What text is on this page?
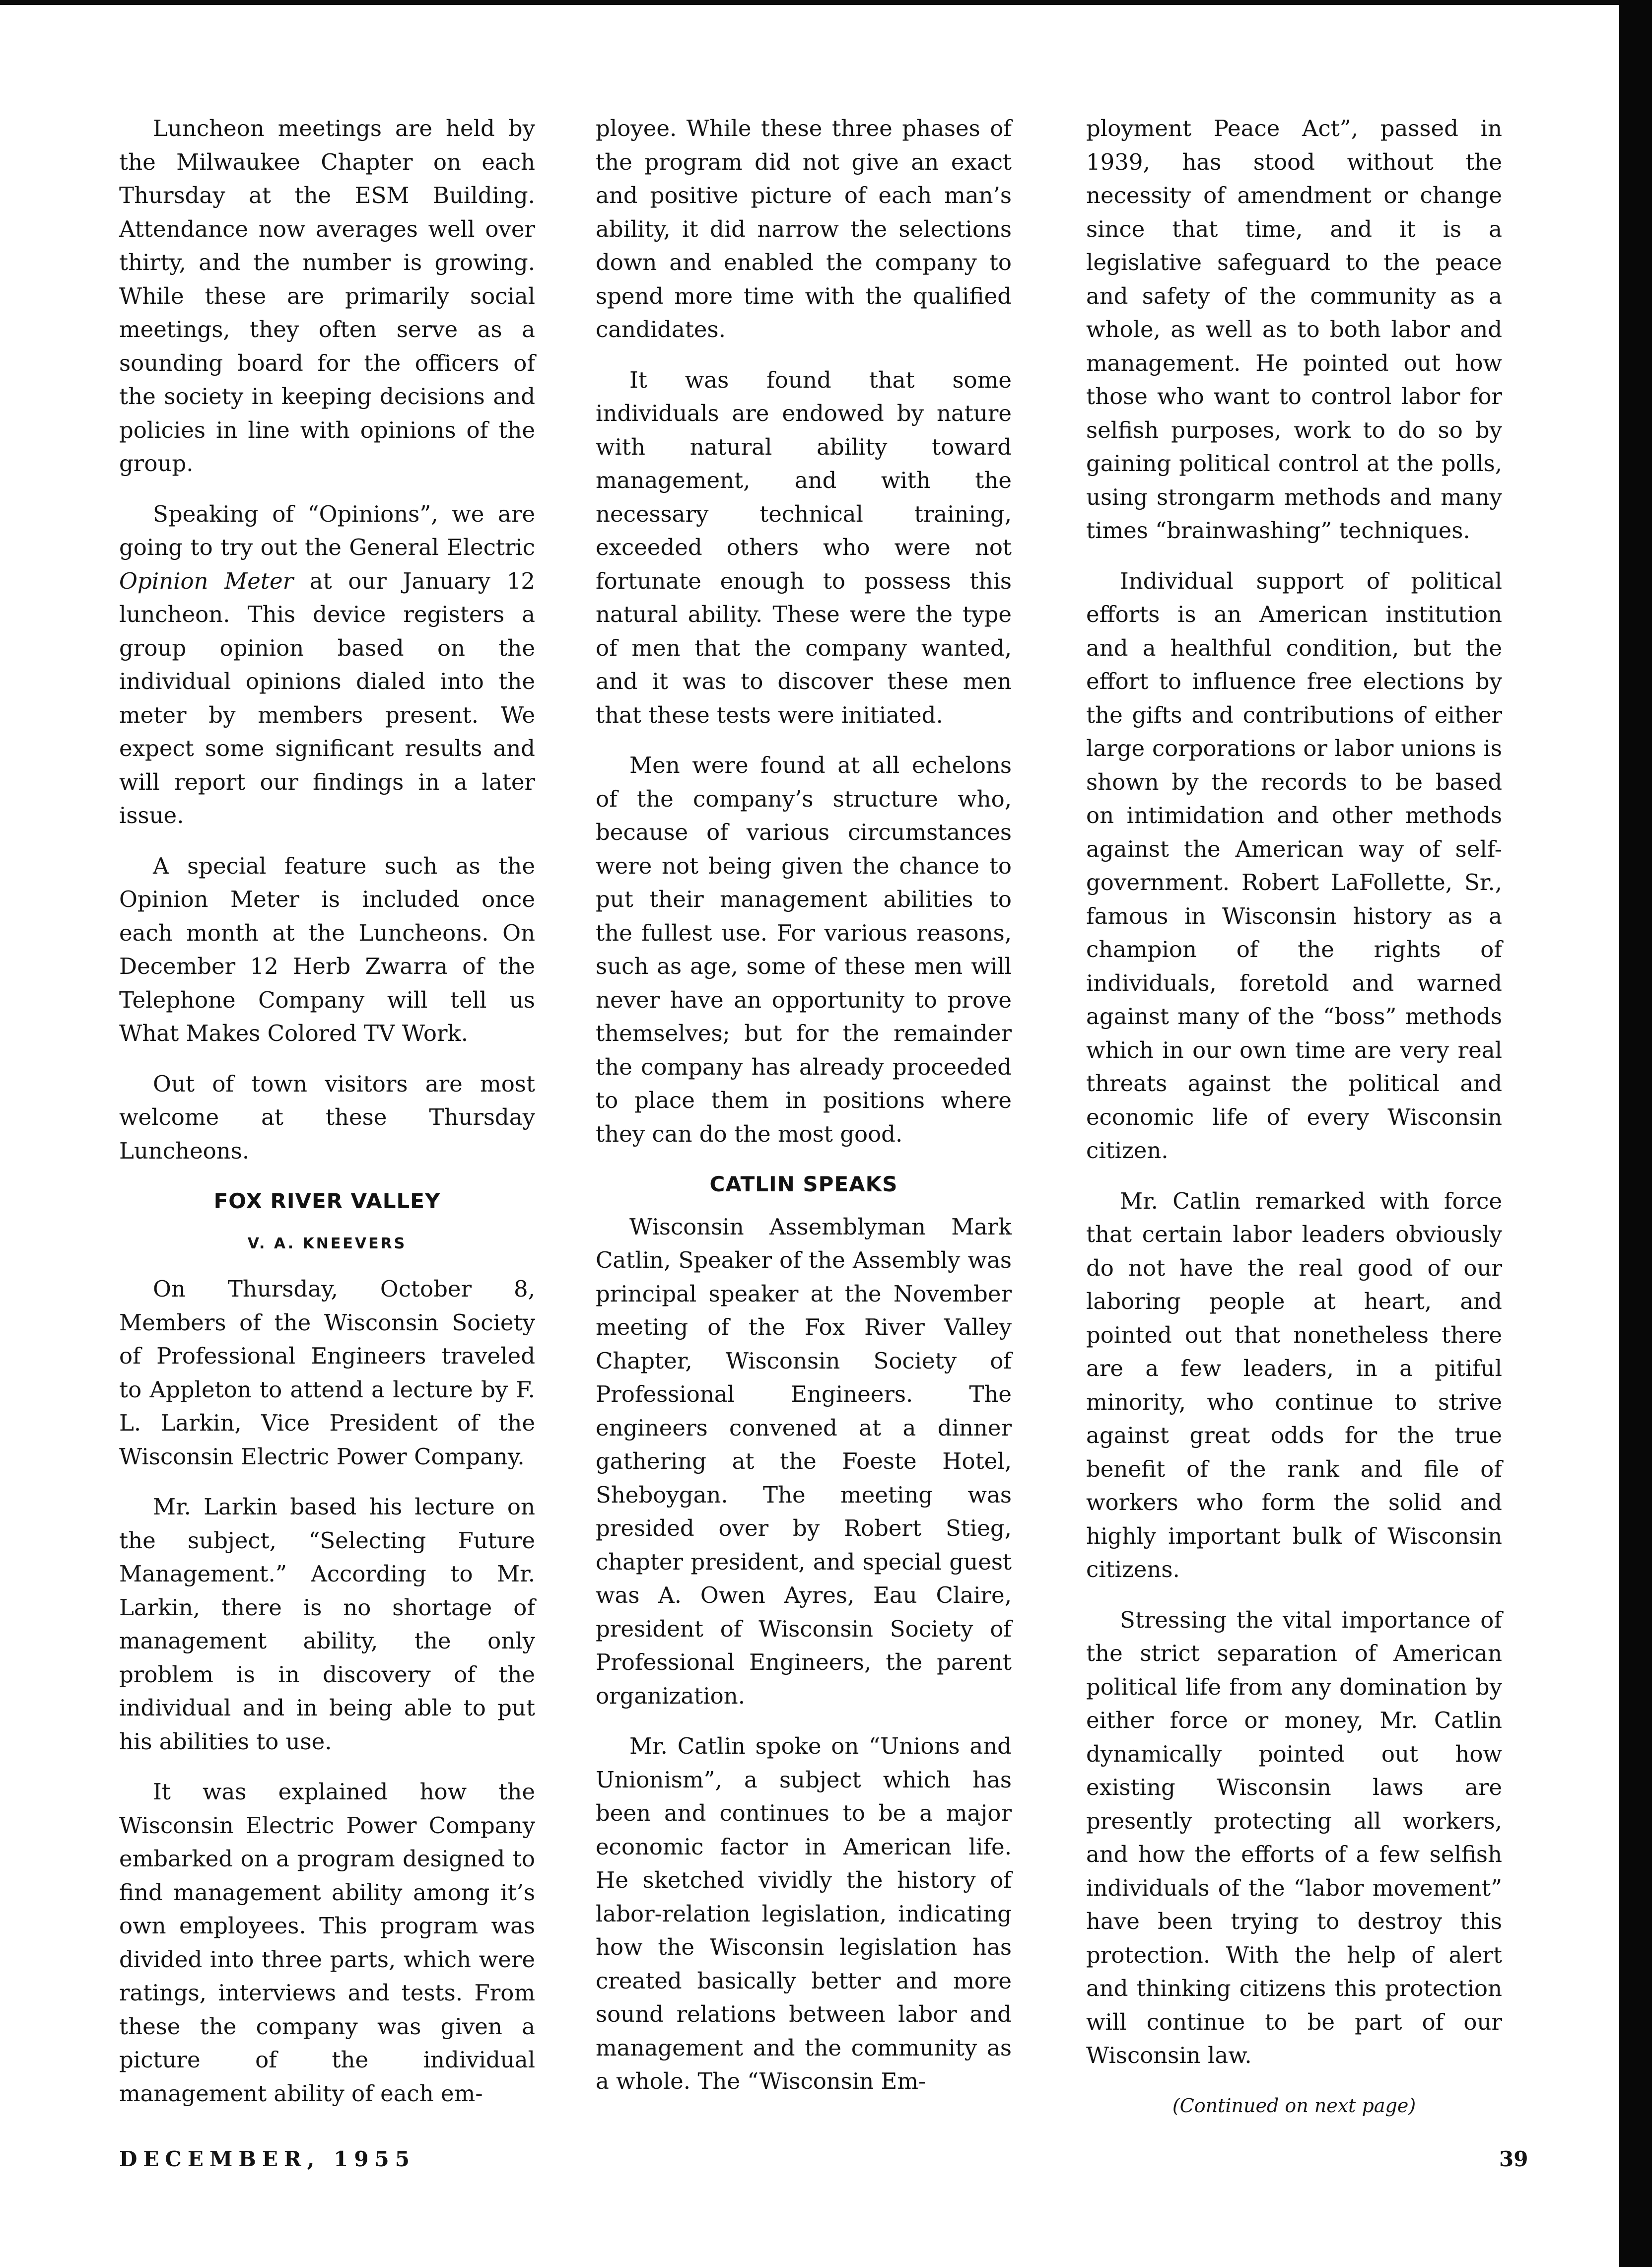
Luncheon meetings are held by the Milwaukee Chapter on each Thursday at the ESM Building. Attendance now averages well over thirty, and the number is growing. While these are primarily social meetings, they often serve as a sounding board for the officers of the society in keeping decisions and policies in line with opinions of the group.

Speaking of “Opinions”, we are going to try out the General Electric Opinion Meter at our January 12 luncheon. This device registers a group opinion based on the individual opinions dialed into the meter by members present. We expect some significant results and will report our findings in a later issue.

A special feature such as the Opinion Meter is included once each month at the Luncheons. On December 12 Herb Zwarra of the Telephone Company will tell us What Makes Colored TV Work.

Out of town visitors are most welcome at these Thursday Luncheons.

FOX RIVER VALLEY
V. A. KNEEVERS

On Thursday, October 8, Members of the Wisconsin Society of Professional Engineers traveled to Appleton to attend a lecture by F. L. Larkin, Vice President of the Wisconsin Electric Power Company.

Mr. Larkin based his lecture on the subject, “Selecting Future Management.” According to Mr. Larkin, there is no shortage of management ability, the only problem is in discovery of the individual and in being able to put his abilities to use.

It was explained how the Wisconsin Electric Power Company embarked on a program designed to find management ability among it’s own employees. This program was divided into three parts, which were ratings, interviews and tests. From these the company was given a picture of the individual management ability of each em-

ployee. While these three phases of the program did not give an exact and positive picture of each man’s ability, it did narrow the selections down and enabled the company to spend more time with the qualified candidates.

It was found that some individuals are endowed by nature with natural ability toward management, and with the necessary technical training, exceeded others who were not fortunate enough to possess this natural ability. These were the type of men that the company wanted, and it was to discover these men that these tests were initiated.

Men were found at all echelons of the company’s structure who, because of various circumstances were not being given the chance to put their management abilities to the fullest use. For various reasons, such as age, some of these men will never have an opportunity to prove themselves; but for the remainder the company has already proceeded to place them in positions where they can do the most good.

CATLIN SPEAKS

Wisconsin Assemblyman Mark Catlin, Speaker of the Assembly was principal speaker at the November meeting of the Fox River Valley Chapter, Wisconsin Society of Professional Engineers. The engineers convened at a dinner gathering at the Foeste Hotel, Sheboygan. The meeting was presided over by Robert Stieg, chapter president, and special guest was A. Owen Ayres, Eau Claire, president of Wisconsin Society of Professional Engineers, the parent organization.

Mr. Catlin spoke on “Unions and Unionism”, a subject which has been and continues to be a major economic factor in American life. He sketched vividly the history of labor-relation legislation, indicating how the Wisconsin legislation has created basically better and more sound relations between labor and management and the community as a whole. The “Wisconsin Em-

ployment Peace Act”, passed in 1939, has stood without the necessity of amendment or change since that time, and it is a legislative safeguard to the peace and safety of the community as a whole, as well as to both labor and management. He pointed out how those who want to control labor for selfish purposes, work to do so by gaining political control at the polls, using strongarm methods and many times “brainwashing” techniques.

Individual support of political efforts is an American institution and a healthful condition, but the effort to influence free elections by the gifts and contributions of either large corporations or labor unions is shown by the records to be based on intimidation and other methods against the American way of self-government. Robert LaFollette, Sr., famous in Wisconsin history as a champion of the rights of individuals, foretold and warned against many of the “boss” methods which in our own time are very real threats against the political and economic life of every Wisconsin citizen.

Mr. Catlin remarked with force that certain labor leaders obviously do not have the real good of our laboring people at heart, and pointed out that nonetheless there are a few leaders, in a pitiful minority, who continue to strive against great odds for the true benefit of the rank and file of workers who form the solid and highly important bulk of Wisconsin citizens.

Stressing the vital importance of the strict separation of American political life from any domination by either force or money, Mr. Catlin dynamically pointed out how existing Wisconsin laws are presently protecting all workers, and how the efforts of a few selfish individuals of the “labor movement” have been trying to destroy this protection. With the help of alert and thinking citizens this protection will continue to be part of our Wisconsin law.

(Continued on next page)

DECEMBER, 1955	39
